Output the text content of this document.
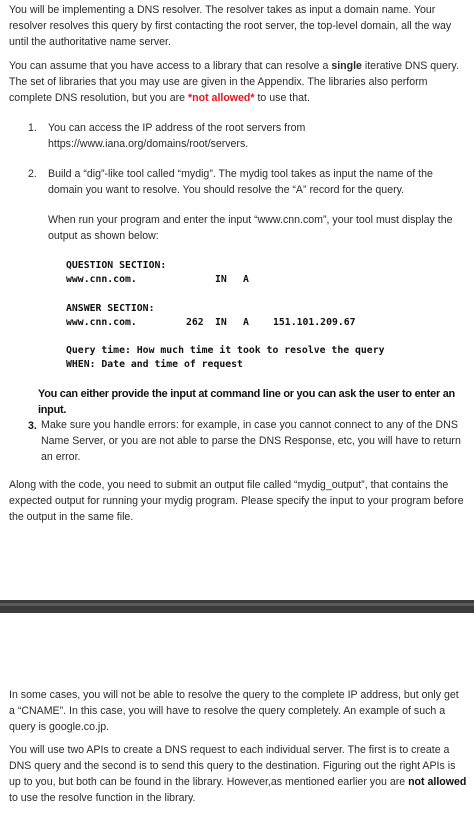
You will be implementing a DNS resolver. The resolver takes as input a domain name. Your resolver resolves this query by first contacting the root server, the top-level domain, all the way until the authoritative name server.

You can assume that you have access to a library that can resolve a single iterative DNS query. The set of libraries that you may use are given in the Appendix. The libraries also perform complete DNS resolution, but you are *not allowed* to use that.

1. You can access the IP address of the root servers from https://www.iana.org/domains/root/servers.

2. Build a “dig”-like tool called “mydig”. The mydig tool takes as input the name of the domain you want to resolve. You should resolve the “A” record for the query.

When run your program and enter the input “www.cnn.com”, your tool must display the output as shown below:

QUESTION SECTION:
www.cnn.com.	IN A
ANSWER SECTION:
www.cnn.com.	262 IN A 151.101.209.67
Query time: How much time it took to resolve the query
WHEN: Date and time of request

You can either provide the input at command line or you can ask the user to enter an input.

3. Make sure you handle errors: for example, in case you cannot connect to any of the DNS Name Server, or you are not able to parse the DNS Response, etc, you will have to return an error.

Along with the code, you need to submit an output file called “mydig_output”, that contains the expected output for running your mydig program. Please specify the input to your program before the output in the same file.

In some cases, you will not be able to resolve the query to the complete IP address, but only get a “CNAME”. In this case, you will have to resolve the query completely. An example of such a query is google.co.jp.

You will use two APIs to create a DNS request to each individual server. The first is to create a DNS query and the second is to send this query to the destination. Figuring out the right APIs is up to you, but both can be found in the library. However,as mentioned earlier you are not allowed to use the resolve function in the library.
